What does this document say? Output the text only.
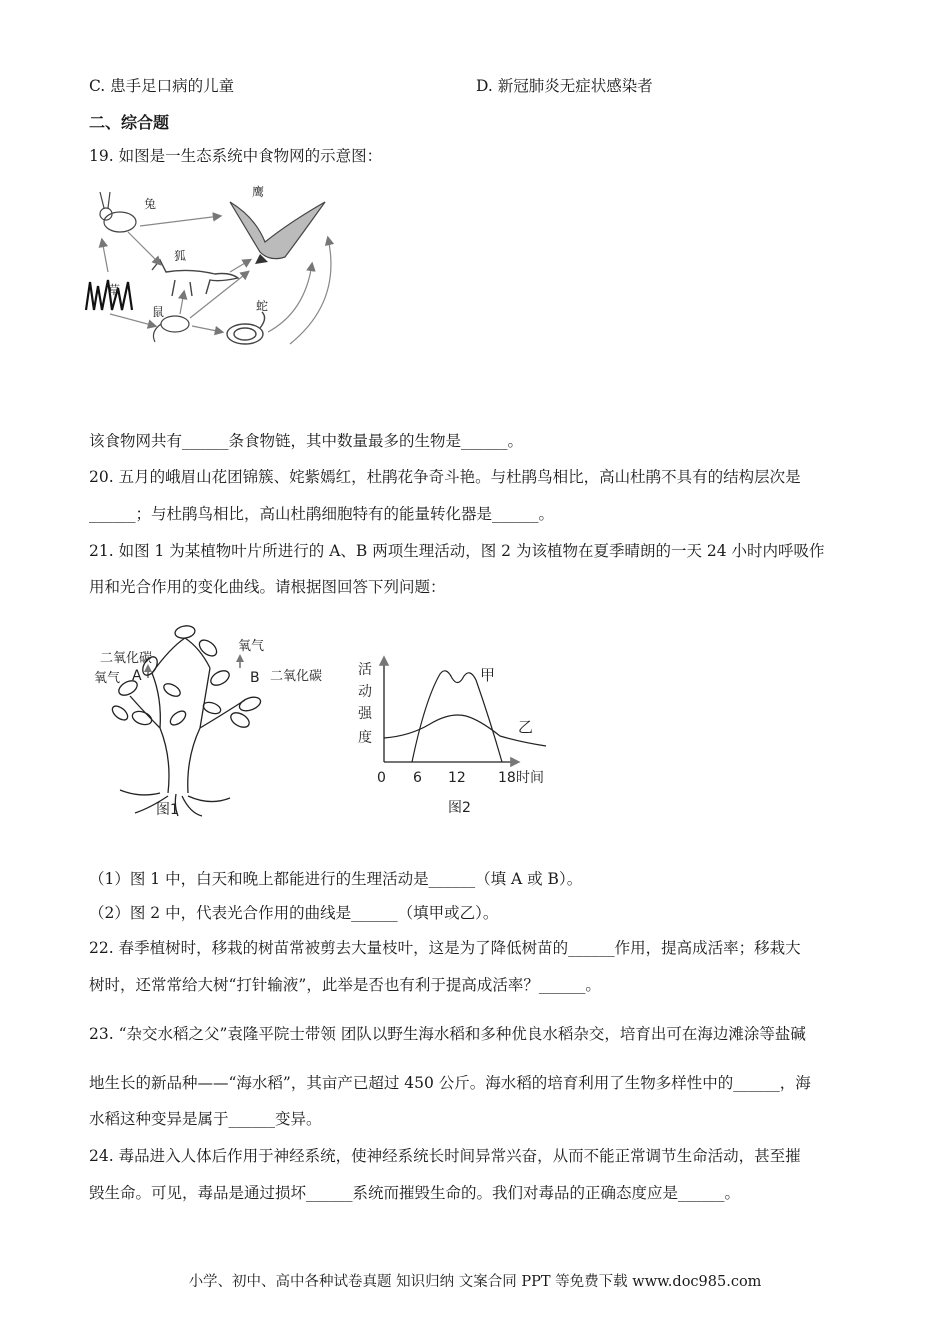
C. 患手足口病的儿童	D. 新冠肺炎无症状感染者
二、综合题
19. 如图是一生态系统中食物网的示意图：
兔
鹰
狐
草
鼠	蛇
该食物网共有______条食物链，其中数量最多的生物是______。
20. 五月的峨眉山花团锦簇、姹紫嫣红，杜鹃花争奇斗艳。与杜鹃鸟相比，高山杜鹃不具有的结构层次是
______；与杜鹃鸟相比，高山杜鹃细胞特有的能量转化器是______。
21. 如图 1 为某植物叶片所进行的 A、B 两项生理活动，图 2 为该植物在夏季晴朗的一天 24 小时内呼吸作
用和光合作用的变化曲线。请根据图回答下列问题：
二氧化碳
氧气 A
氧气
B 二氧化碳
图1
活
动
强
度
甲
乙
0 6 12 18 时间
图2
（1）图 1 中，白天和晚上都能进行的生理活动是______（填 A 或 B）。
（2）图 2 中，代表光合作用的曲线是______（填甲或乙）。
22. 春季植树时，移栽的树苗常被剪去大量枝叶，这是为了降低树苗的______作用，提高成活率；移栽大
树时，还常常给大树“打针输液”，此举是否也有利于提高成活率？______。
23. “杂交水稻之父”袁隆平院士带领 团队以野生海水稻和多种优良水稻杂交，培育出可在海边滩涂等盐碱
地生长的新品种——“海水稻”，其亩产已超过 450 公斤。海水稻的培育利用了生物多样性中的______，海
水稻这种变异是属于______变异。
24. 毒品进入人体后作用于神经系统，使神经系统长时间异常兴奋，从而不能正常调节生命活动，甚至摧
毁生命。可见，毒品是通过损坏______系统而摧毁生命的。我们对毒品的正确态度应是______。
小学、初中、高中各种试卷真题 知识归纳 文案合同 PPT 等免费下载 www.doc985.com
